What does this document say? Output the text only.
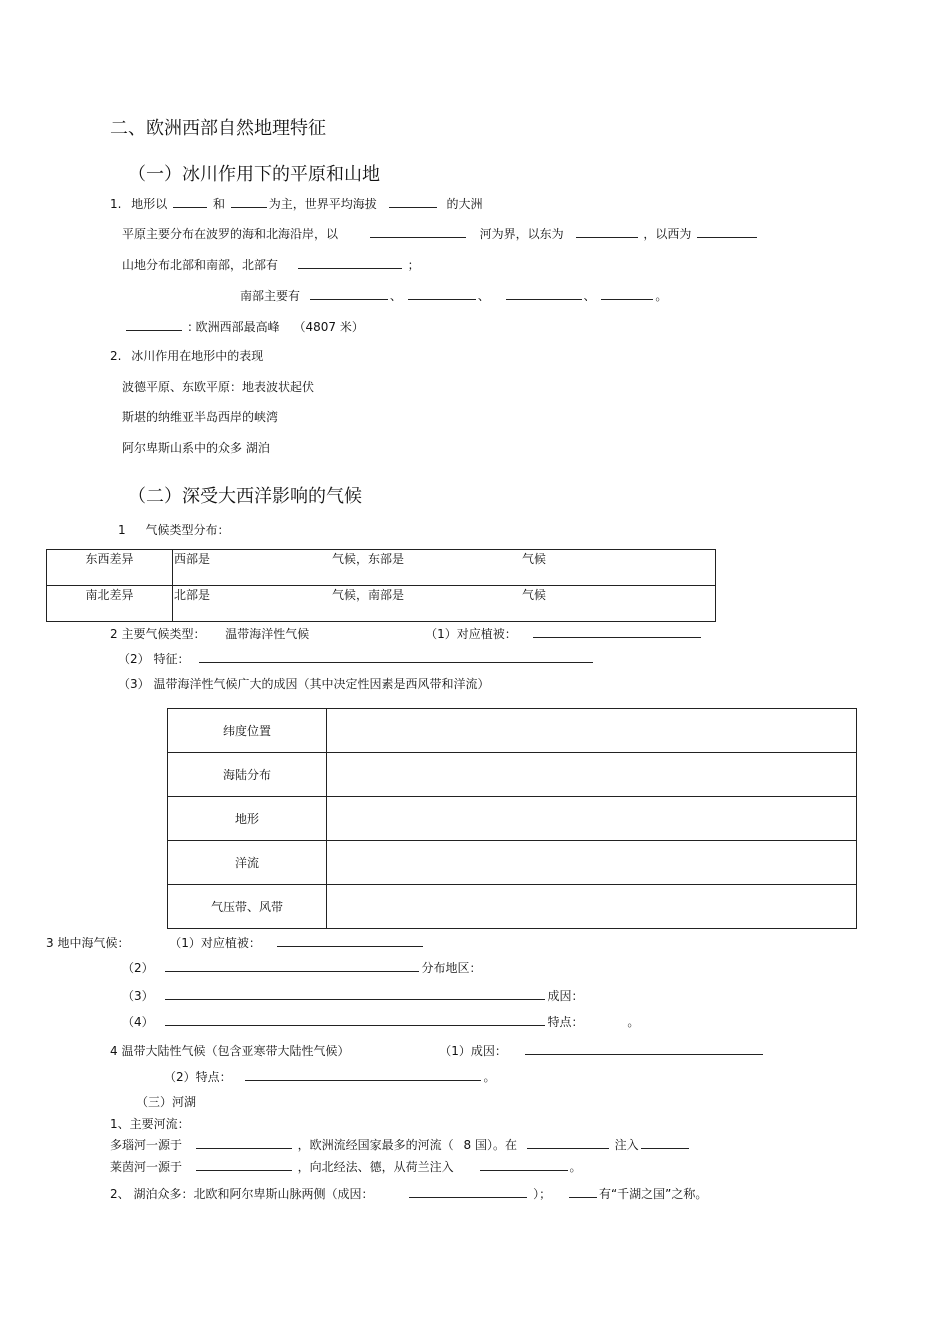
二、欧洲西部自然地理特征
（一）冰川作用下的平原和山地
1. 地形以	和	为主，世界平均海拔	的大洲
平原主要分布在波罗的海和北海沿岸，以	河为界，以东为	，以西为
山地分布北部和南部，北部有	；
南部主要有	、	、	、	。
: 欧洲西部最高峰 （4807 米）
2. 冰川作用在地形中的表现
波德平原、东欧平原：地表波状起伏
斯堪的纳维亚半岛西岸的峡湾
阿尔卑斯山系中的众多 湖泊
（二）深受大西洋影响的气候
1 气候类型分布：
东西差异	西部是 气候，东部是 气候
南北差异	北部是 气候，南部是 气候
2 主要气候类型： 温带海洋性气候	（1）对应植被：
（2） 特征：
（3） 温带海洋性气候广大的成因（其中决定性因素是西风带和洋流）
纬度位置	
海陆分布	
地形	
洋流	
气压带、风带	
3 地中海气候：	（1）对应植被：
（2）	分布地区：
（3）	成因：
（4）	特点：	。
4 温带大陆性气候（包含亚寒带大陆性气候）	（1）成因：
（2）特点：	。
（三）河湖
1、主要河流：
多瑙河一源于	，欧洲流经国家最多的河流（ 8 国）。在	注入
莱茵河一源于	，向北经法、德，从荷兰注入	。
2、 湖泊众多：北欧和阿尔卑斯山脉两侧（成因：	）；	有“千湖之国”之称。
